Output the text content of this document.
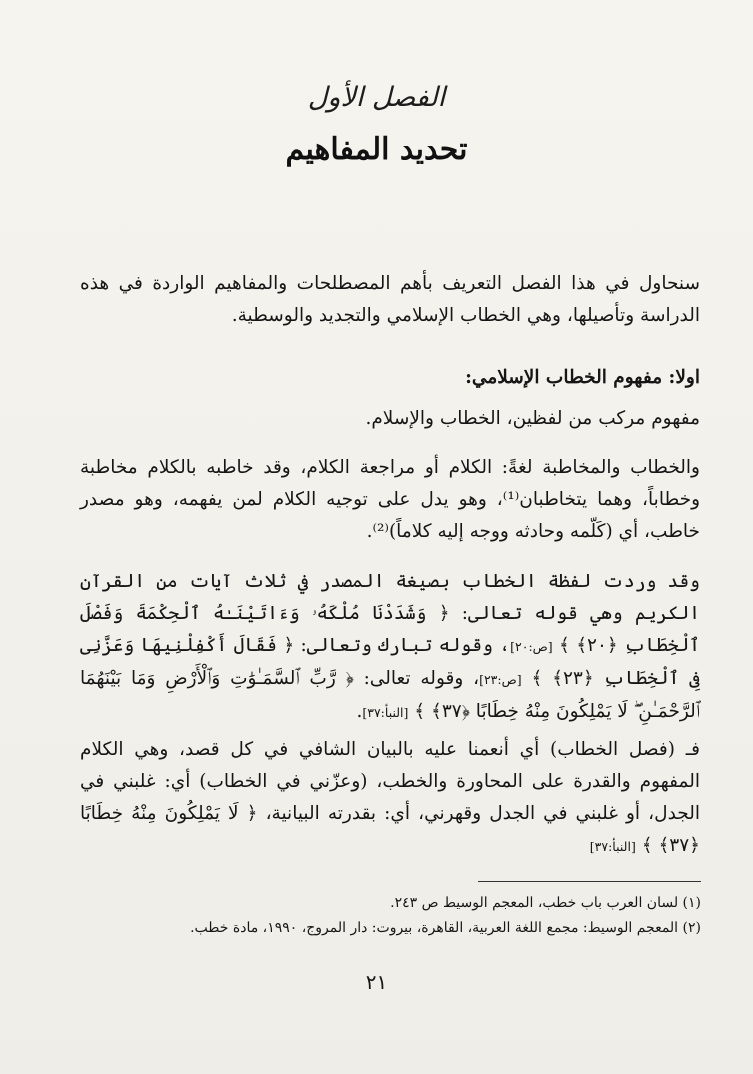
الفصل الأول
تحديد المفاهيم
سنحاول في هذا الفصل التعريف بأهم المصطلحات والمفاهيم الواردة في هذه الدراسة وتأصيلها، وهي الخطاب الإسلامي والتجديد والوسطية.
اولا: مفهوم الخطاب الإسلامي:
مفهوم مركب من لفظين، الخطاب والإسلام.
والخطاب والمخاطبة لغةً: الكلام أو مراجعة الكلام، وقد خاطبه بالكلام مخاطبة وخطاباً، وهما يتخاطبان⁽¹⁾، وهو يدل على توجيه الكلام لمن يفهمه، وهو مصدر خاطب، أي (كَلّمه وحادثه ووجه إليه كلاماً)⁽²⁾.
وقد وردت لفظة الخطاب بصيغة المصدر في ثلاث آيات من القرآن الكريم وهي قوله تعالى: ﴿ وَشَدَدْنَا مُلْكَهُۥ وَءَاتَيْنَـٰهُ ٱلْحِكْمَةَ وَفَصْلَ ٱلْخِطَابِ ﴿٢٠﴾ ﴾ [ص:٢٠]، وقوله تبارك وتعالى: ﴿ فَقَالَ أَكْفِلْنِيهَا وَعَزَّنِى فِى ٱلْخِطَابِ ﴿٢٣﴾ ﴾ [ص:٢٣]، وقوله تعالى: ﴿ رَّبِّ ٱلسَّمَـٰوَٰتِ وَٱلْأَرْضِ وَمَا بَيْنَهُمَا ٱلرَّحْمَـٰنِ ۖ لَا يَمْلِكُونَ مِنْهُ خِطَابًا ﴿٣٧﴾ ﴾ [النبأ:٣٧].
فـ (فصل الخطاب) أي أنعمنا عليه بالبيان الشافي في كل قصد، وهي الكلام المفهوم والقدرة على المحاورة والخطب، (وعزّني في الخطاب) أي: غلبني في الجدل، أو غلبني في الجدل وقهرني، أي: بقدرته البيانية، ﴿ لَا يَمْلِكُونَ مِنْهُ خِطَابًا ﴿٣٧﴾ ﴾ [النبأ:٣٧]
(١) لسان العرب باب خطب، المعجم الوسيط ص ٢٤٣.
(٢) المعجم الوسيط: مجمع اللغة العربية، القاهرة، بيروت: دار المروج، ١٩٩٠، مادة خطب.
٢١
